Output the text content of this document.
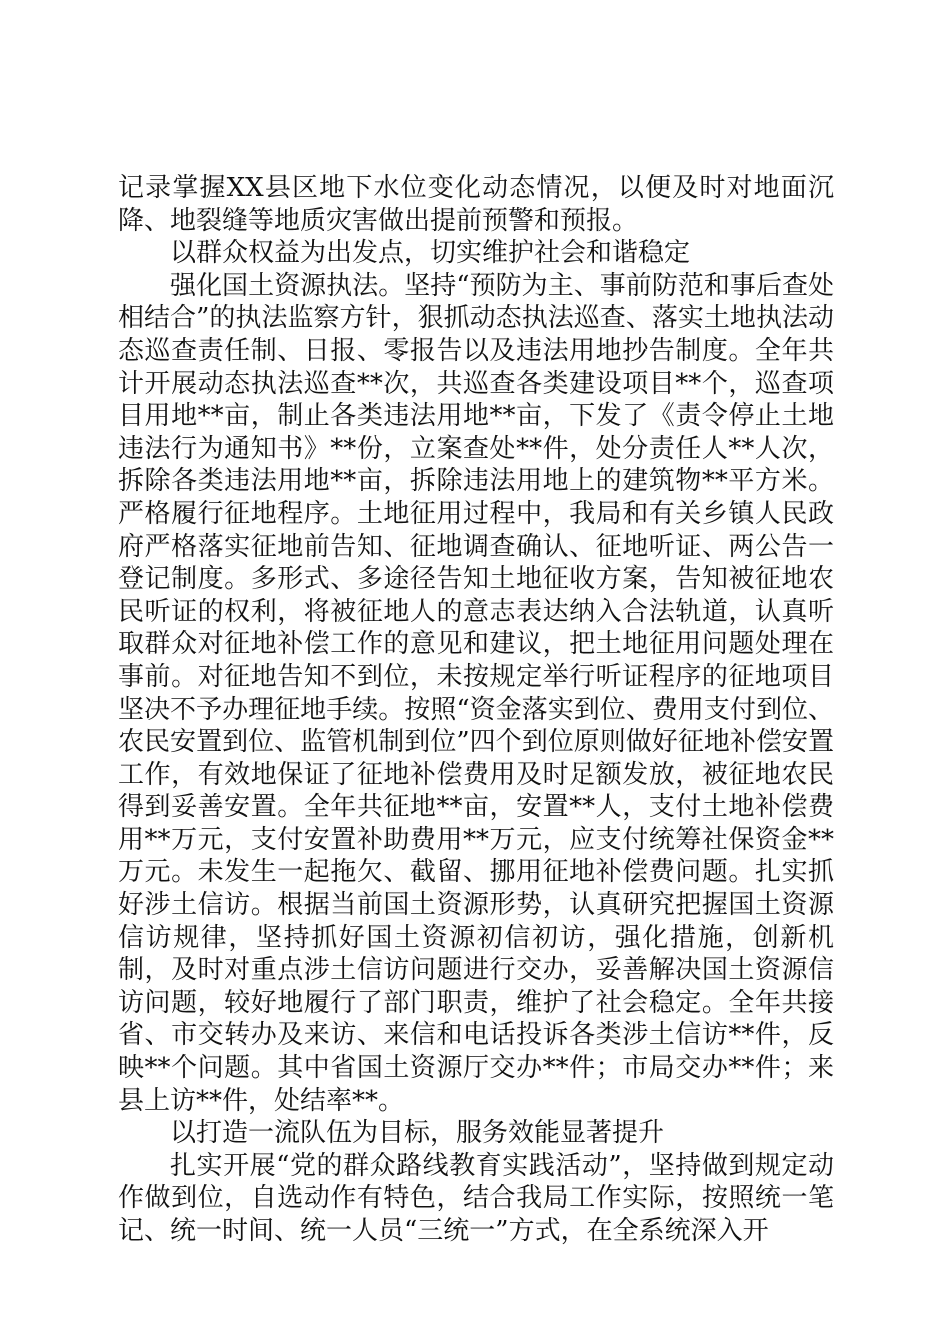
记录掌握XX县区地下水位变化动态情况，以便及时对地面沉降、地裂缝等地质灾害做出提前预警和预报。

以群众权益为出发点，切实维护社会和谐稳定

强化国土资源执法。坚持“预防为主、事前防范和事后查处相结合”的执法监察方针，狠抓动态执法巡查、落实土地执法动态巡查责任制、日报、零报告以及违法用地抄告制度。全年共计开展动态执法巡查**次，共巡查各类建设项目**个，巡查项目用地**亩，制止各类违法用地**亩，下发了《责令停止土地违法行为通知书》**份，立案查处**件，处分责任人**人次，拆除各类违法用地**亩，拆除违法用地上的建筑物**平方米。严格履行征地程序。土地征用过程中，我局和有关乡镇人民政府严格落实征地前告知、征地调查确认、征地听证、两公告一登记制度。多形式、多途径告知土地征收方案，告知被征地农民听证的权利，将被征地人的意志表达纳入合法轨道，认真听取群众对征地补偿工作的意见和建议，把土地征用问题处理在事前。对征地告知不到位，未按规定举行听证程序的征地项目坚决不予办理征地手续。按照“资金落实到位、费用支付到位、农民安置到位、监管机制到位”四个到位原则做好征地补偿安置工作，有效地保证了征地补偿费用及时足额发放，被征地农民得到妥善安置。全年共征地**亩，安置**人，支付土地补偿费用**万元，支付安置补助费用**万元，应支付统筹社保资金**万元。未发生一起拖欠、截留、挪用征地补偿费问题。扎实抓好涉土信访。根据当前国土资源形势，认真研究把握国土资源信访规律，坚持抓好国土资源初信初访，强化措施，创新机制，及时对重点涉土信访问题进行交办，妥善解决国土资源信访问题，较好地履行了部门职责，维护了社会稳定。全年共接省、市交转办及来访、来信和电话投诉各类涉土信访**件，反映**个问题。其中省国土资源厅交办**件；市局交办**件；来县上访**件，处结率**。

以打造一流队伍为目标，服务效能显著提升

扎实开展“党的群众路线教育实践活动”，坚持做到规定动作做到位，自选动作有特色，结合我局工作实际，按照统一笔记、统一时间、统一人员“三统一”方式，在全系统深入开
